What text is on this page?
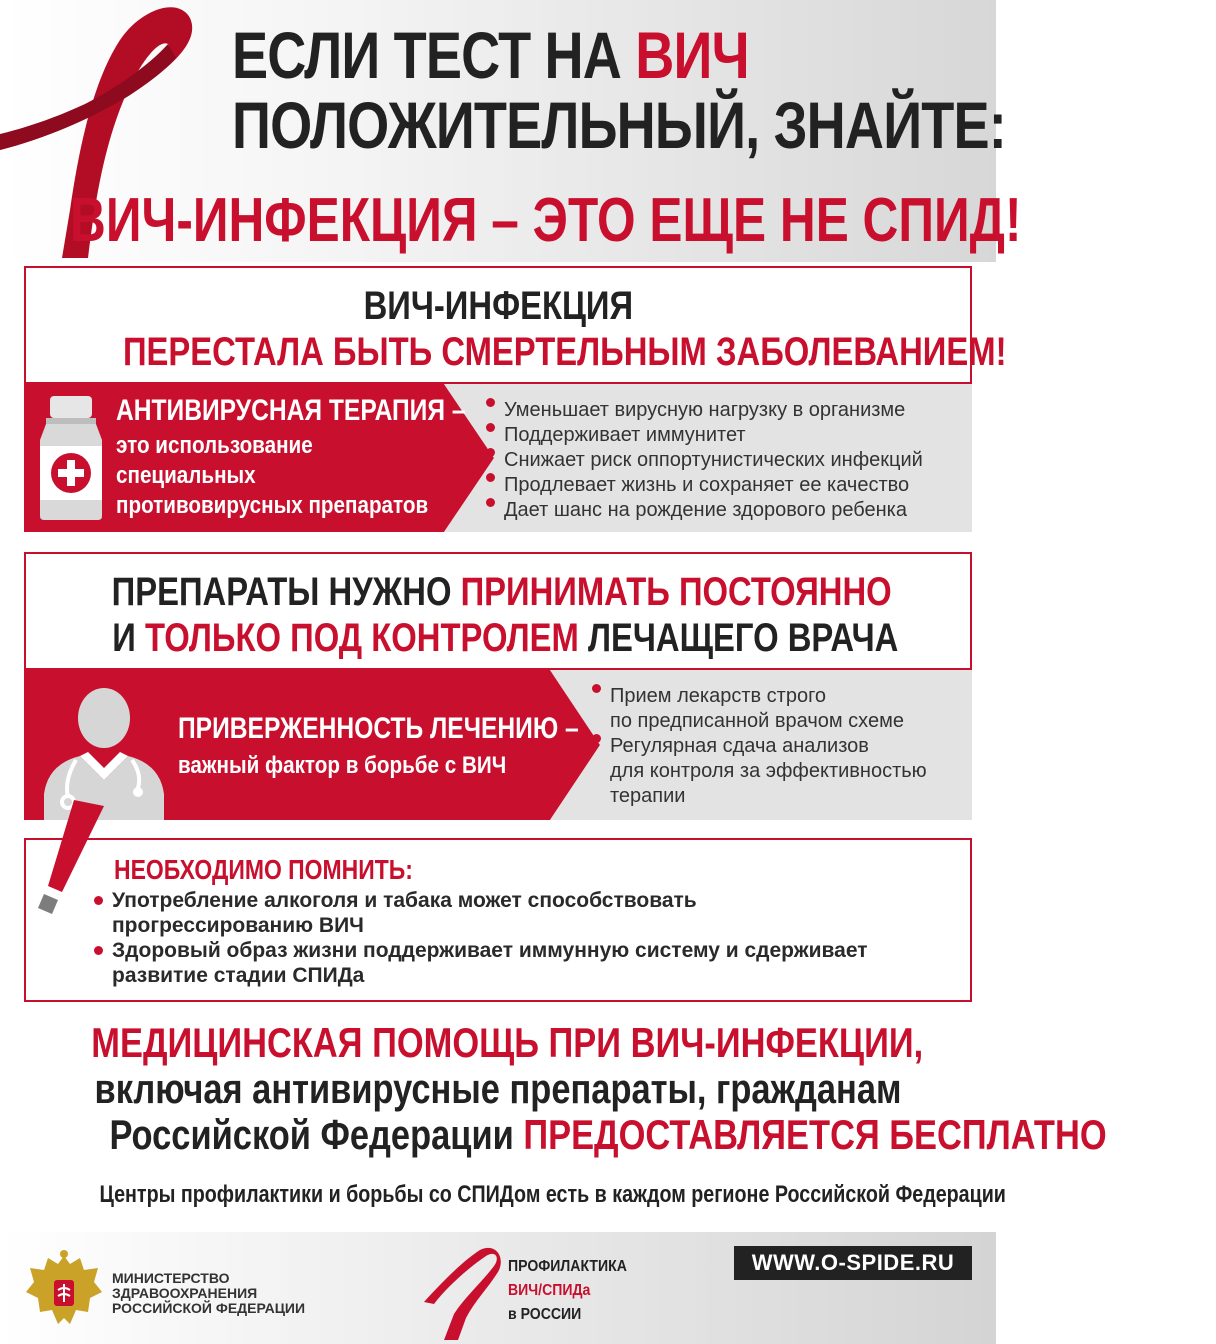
ЕСЛИ ТЕСТ НА ВИЧ
ПОЛОЖИТЕЛЬНЫЙ, ЗНАЙТЕ:
ВИЧ-ИНФЕКЦИЯ – ЭТО ЕЩЕ НЕ СПИД!
ВИЧ-ИНФЕКЦИЯ
ПЕРЕСТАЛА БЫТЬ СМЕРТЕЛЬНЫМ ЗАБОЛЕВАНИЕМ!
АНТИВИРУСНАЯ ТЕРАПИЯ –
это использование
специальных
противовирусных препаратов
Уменьшает вирусную нагрузку в организме
Поддерживает иммунитет
Снижает риск оппортунистических инфекций
Продлевает жизнь и сохраняет ее качество
Дает шанс на рождение здорового ребенка
ПРЕПАРАТЫ НУЖНО ПРИНИМАТЬ ПОСТОЯННО
И ТОЛЬКО ПОД КОНТРОЛЕМ ЛЕЧАЩЕГО ВРАЧА
ПРИВЕРЖЕННОСТЬ ЛЕЧЕНИЮ –
важный фактор в борьбе с ВИЧ
Прием лекарств строго
по предписанной врачом схеме
Регулярная сдача анализов
для контроля за эффективностью
терапии
НЕОБХОДИМО ПОМНИТЬ:
Употребление алкоголя и табака может способствовать
прогрессированию ВИЧ
Здоровый образ жизни поддерживает иммунную систему и сдерживает
развитие стадии СПИДа
МЕДИЦИНСКАЯ ПОМОЩЬ ПРИ ВИЧ-ИНФЕКЦИИ,
включая антивирусные препараты, гражданам
Российской Федерации ПРЕДОСТАВЛЯЕТСЯ БЕСПЛАТНО
Центры профилактики и борьбы со СПИДом есть в каждом регионе Российской Федерации
МИНИСТЕРСТВО
ЗДРАВООХРАНЕНИЯ
РОССИЙСКОЙ ФЕДЕРАЦИИ
ПРОФИЛАКТИКА
ВИЧ/СПИДа
в РОССИИ
WWW.O-SPIDE.RU
